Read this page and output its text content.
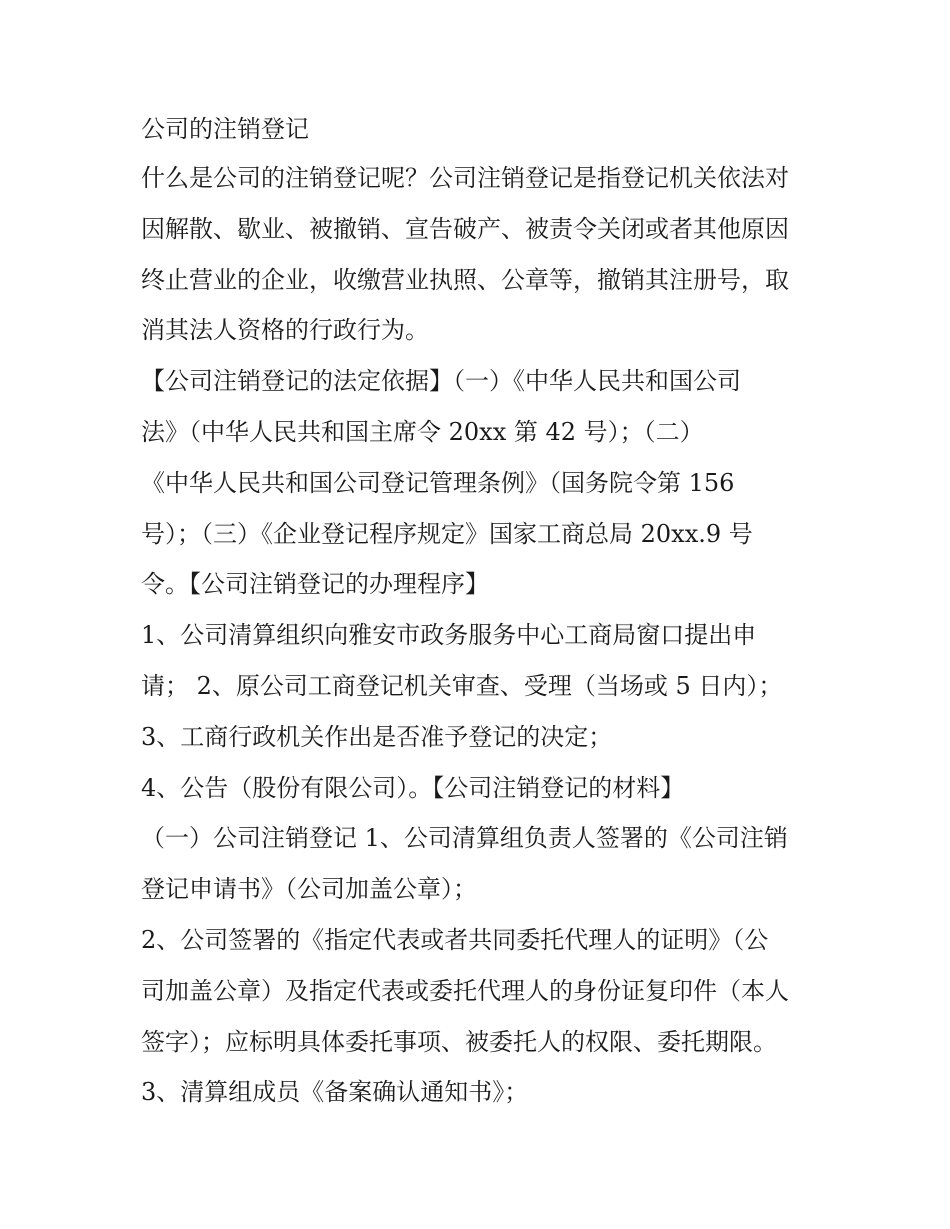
公司的注销登记
什么是公司的注销登记呢？公司注销登记是指登记机关依法对
因解散、歇业、被撤销、宣告破产、被责令关闭或者其他原因
终止营业的企业，收缴营业执照、公章等，撤销其注册号，取
消其法人资格的行政行为。
【公司注销登记的法定依据】（一）《中华人民共和国公司
法》（中华人民共和国主席令 20xx 第 42 号）；（二）
《中华人民共和国公司登记管理条例》（国务院令第 156
号）；（三）《企业登记程序规定》国家工商总局 20xx.9 号
令。【公司注销登记的办理程序】
1、公司清算组织向雅安市政务服务中心工商局窗口提出申
请； 2、原公司工商登记机关审查、受理（当场或 5 日内）；
3、工商行政机关作出是否准予登记的决定；
4、公告（股份有限公司）。【公司注销登记的材料】
（一）公司注销登记 1、公司清算组负责人签署的《公司注销
登记申请书》（公司加盖公章）；
2、公司签署的《指定代表或者共同委托代理人的证明》（公
司加盖公章）及指定代表或委托代理人的身份证复印件（本人
签字）；应标明具体委托事项、被委托人的权限、委托期限。
3、清算组成员《备案确认通知书》；
